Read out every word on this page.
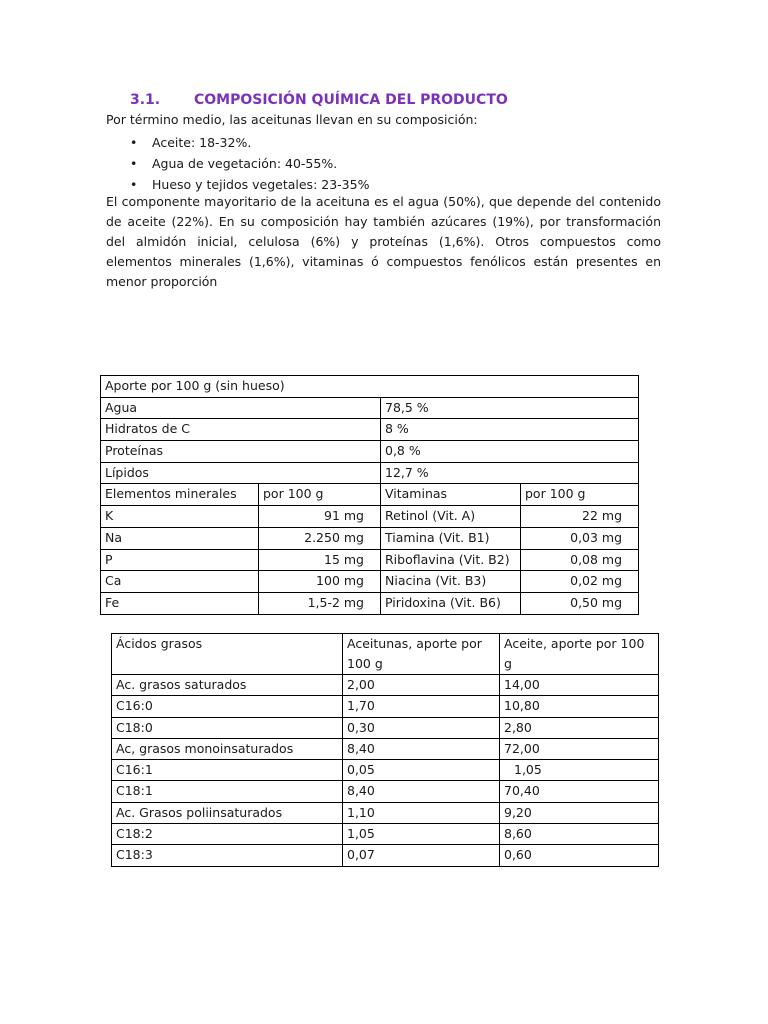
3.1. COMPOSICIÓN QUÍMICA DEL PRODUCTO

Por término medio, las aceitunas llevan en su composición:

• Aceite: 18-32%.
• Agua de vegetación: 40-55%.
• Hueso y tejidos vegetales: 23-35%

El componente mayoritario de la aceituna es el agua (50%), que depende del contenido de aceite (22%). En su composición hay también azúcares (19%), por transformación del almidón inicial, celulosa (6%) y proteínas (1,6%). Otros compuestos como elementos minerales (1,6%), vitaminas ó compuestos fenólicos están presentes en menor proporción

Aporte por 100 g (sin hueso)			
Agua		78,5 %	
Hidratos de C		8 %	
Proteínas		0,8 %	
Lípidos		12,7 %	
Elementos minerales	por 100 g	Vitaminas	por 100 g
K	91 mg	Retinol (Vit. A)	22 mg
Na	2.250 mg	Tiamina (Vit. B1)	0,03 mg
P	15 mg	Riboflavina (Vit. B2)	0,08 mg
Ca	100 mg	Niacina (Vit. B3)	0,02 mg
Fe	1,5-2 mg	Piridoxina (Vit. B6)	0,50 mg
Ácidos grasos	Aceitunas, aporte por 100 g	Aceite, aporte por 100 g
Ac. grasos saturados	2,00	14,00
C16:0	1,70	10,80
C18:0	0,30	2,80
Ac, grasos monoinsaturados	8,40	72,00
C16:1	0,05	1,05
C18:1	8,40	70,40
Ac. Grasos poliinsaturados	1,10	9,20
C18:2	1,05	8,60
C18:3	0,07	0,60
